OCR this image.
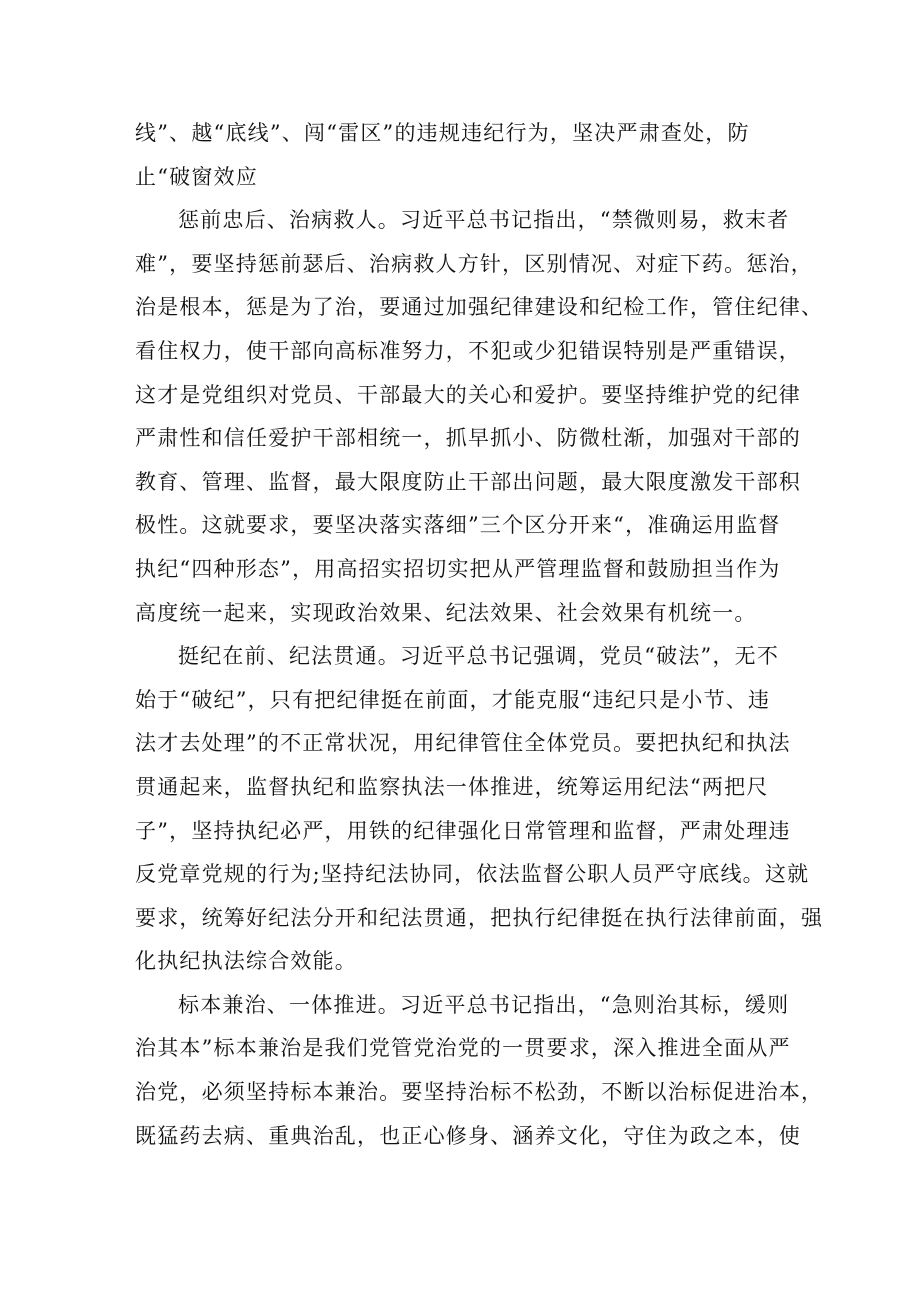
线”、越“底线”、闯“雷区”的违规违纪行为，坚决严肃查处，防
止“破窗效应
惩前忠后、治病救人。习近平总书记指出，“禁微则易，救末者
难”，要坚持惩前瑟后、治病救人方针，区别情况、对症下药。惩治，
治是根本，惩是为了治，要通过加强纪律建设和纪检工作，管住纪律、
看住权力，使干部向高标准努力，不犯或少犯错误特别是严重错误，
这才是党组织对党员、干部最大的关心和爱护。要坚持维护党的纪律
严肃性和信任爱护干部相统一，抓早抓小、防微杜渐，加强对干部的
教育、管理、监督，最大限度防止干部出问题，最大限度激发干部积
极性。这就要求，要坚决落实落细”三个区分开来“，准确运用监督
执纪“四种形态”，用高招实招切实把从严管理监督和鼓励担当作为
高度统一起来，实现政治效果、纪法效果、社会效果有机统一。
挺纪在前、纪法贯通。习近平总书记强调，党员“破法”，无不
始于“破纪”，只有把纪律挺在前面，才能克服“违纪只是小节、违
法才去处理”的不正常状况，用纪律管住全体党员。要把执纪和执法
贯通起来，监督执纪和监察执法一体推进，统筹运用纪法“两把尺
子”，坚持执纪必严，用铁的纪律强化日常管理和监督，严肃处理违
反党章党规的行为;坚持纪法协同，依法监督公职人员严守底线。这就
要求，统筹好纪法分开和纪法贯通，把执行纪律挺在执行法律前面，强
化执纪执法综合效能。
标本兼治、一体推进。习近平总书记指出，“急则治其标，缓则
治其本”标本兼治是我们党管党治党的一贯要求，深入推进全面从严
治党，必须坚持标本兼治。要坚持治标不松劲，不断以治标促进治本，
既猛药去病、重典治乱，也正心修身、涵养文化，守住为政之本，使
